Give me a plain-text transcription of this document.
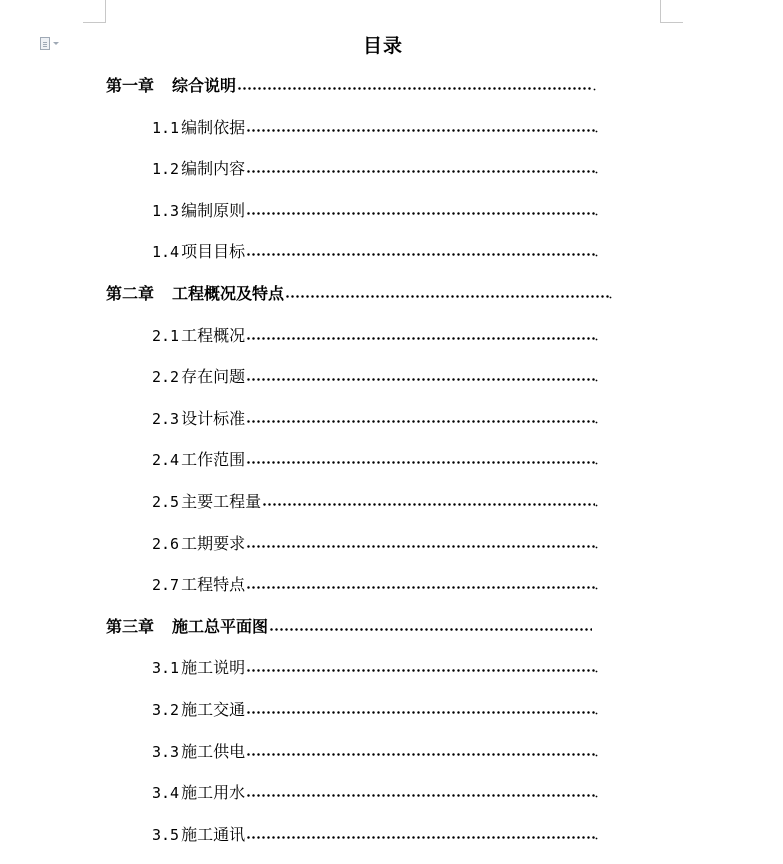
目录
第一章 综合说明
1.1 编制依据
1.2 编制内容
1.3 编制原则
1.4 项目目标
第二章 工程概况及特点
2.1 工程概况
2.2 存在问题
2.3 设计标准
2.4 工作范围
2.5 主要工程量
2.6 工期要求
2.7 工程特点
第三章 施工总平面图
3.1 施工说明
3.2 施工交通
3.3 施工供电
3.4 施工用水
3.5 施工通讯
